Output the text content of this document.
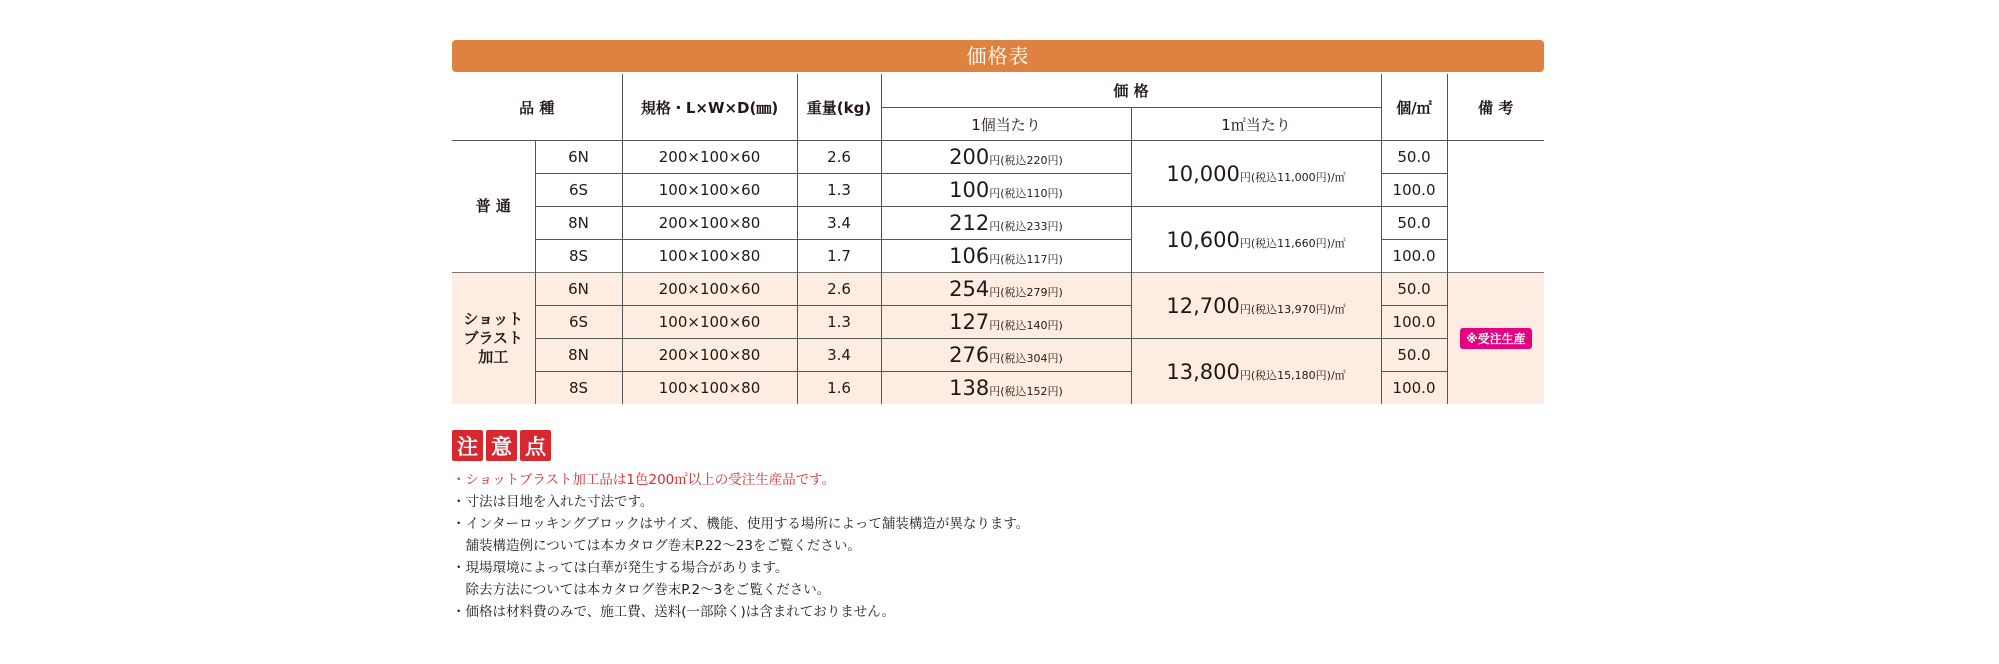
価格表
品 種		規格・L×W×D(㎜)	重量(kg)	価 格		個/㎡	備 考
				1個当たり	1㎡当たり		

普 通	6N	200×100×60	2.6	200円(税込220円)	10,000円(税込11,000円)/㎡	50.0	
	6S	100×100×60	1.3	100円(税込110円)		100.0	
	8N	200×100×80	3.4	212円(税込233円)	10,600円(税込11,660円)/㎡	50.0	
	8S	100×100×80	1.7	106円(税込117円)		100.0	

ショット
ブラスト
加工	6N	200×100×60	2.6	254円(税込279円)	12,700円(税込13,970円)/㎡	50.0	※受注生産
	6S	100×100×60	1.3	127円(税込140円)		100.0	
	8N	200×100×80	3.4	276円(税込304円)	13,800円(税込15,180円)/㎡	50.0	
	8S	100×100×80	1.6	138円(税込152円)		100.0	
注 意 点
・ショットブラスト加工品は1色200㎡以上の受注生産品です。
・寸法は目地を入れた寸法です。
・インターロッキングブロックはサイズ、機能、使用する場所によって舗装構造が異なります。
　舗装構造例については本カタログ巻末P.22〜23をご覧ください。
・現場環境によっては白華が発生する場合があります。
　除去方法については本カタログ巻末P.2〜3をご覧ください。
・価格は材料費のみで、施工費、送料(一部除く)は含まれておりません。
